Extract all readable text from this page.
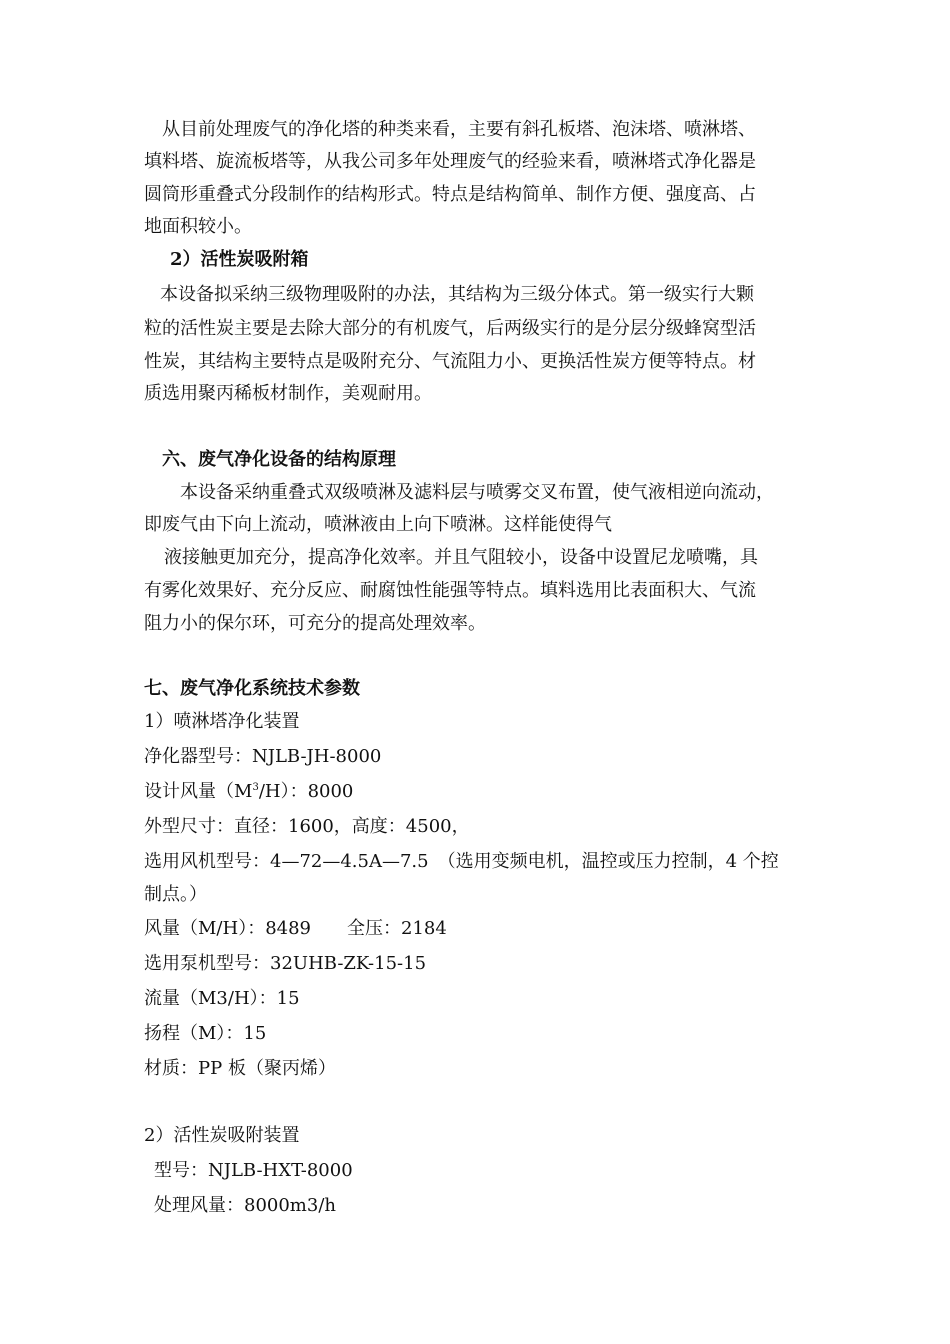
　从目前处理废气的净化塔的种类来看，主要有斜孔板塔、泡沫塔、喷淋塔、
填料塔、旋流板塔等，从我公司多年处理废气的经验来看，喷淋塔式净化器是
圆筒形重叠式分段制作的结构形式。特点是结构简单、制作方便、强度高、占
地面积较小。
2）活性炭吸附箱
本设备拟采纳三级物理吸附的办法，其结构为三级分体式。第一级实行大颗
粒的活性炭主要是去除大部分的有机废气，后两级实行的是分层分级蜂窝型活
性炭，其结构主要特点是吸附充分、气流阻力小、更换活性炭方便等特点。材
质选用聚丙稀板材制作，美观耐用。
六、废气净化设备的结构原理
　本设备采纳重叠式双级喷淋及滤料层与喷雾交叉布置，使气液相逆向流动，
即废气由下向上流动，喷淋液由上向下喷淋。这样能使得气
液接触更加充分，提高净化效率。并且气阻较小，设备中设置尼龙喷嘴，具
有雾化效果好、充分反应、耐腐蚀性能强等特点。填料选用比表面积大、气流
阻力小的保尔环，可充分的提高处理效率。
七、废气净化系统技术参数
1）喷淋塔净化装置
净化器型号：NJLB-JH-8000
设计风量$(M^3/H)$：8000
外型尺寸：直径：1600，高度：4500，
选用风机型号：4—72—4.5A—7.5　（选用变频电机，温控或压力控制，4 个控
制点。）
风量（M/H）：8489　　全压：2184
选用泵机型号：32UHB-ZK-15-15
流量（M3/H）：15
扬程（M）：15
材质：PP 板（聚丙烯）
2）活性炭吸附装置
型号：NJLB-HXT-8000
处理风量：8000m3/h
